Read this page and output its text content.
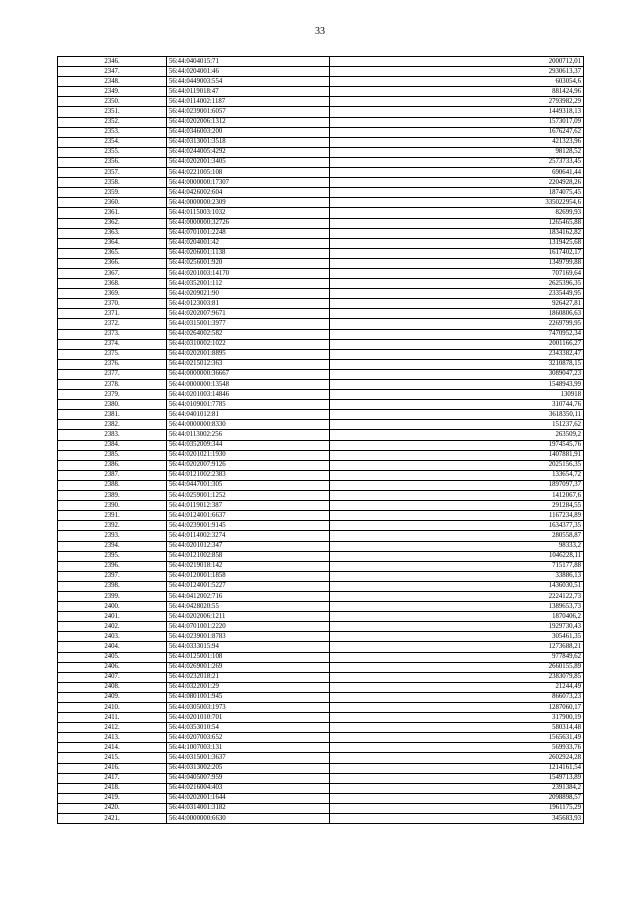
33
2346.	56:44:0404015:71	2000712,01
2347.	56:44:0204001:46	2930613,37
2348.	56:44:0449003:554	603054,6
2349.	56:44:0119018:47	881424,96
2350.	56:44:0114002:1187	2793982,29
2351.	56:44:0239001:6057	1449318,13
2352.	56:44:0202006:1312	1573017,09
2353.	56:44:0346003:200	1676247,62
2354.	56:44:0313001:3518	421323,96
2355.	56:44:0244005:4292	98128,52
2356.	56:44:0202001:3405	2573733,45
2357.	56:44:0221005:108	690641,44
2358.	56:44:0000000:17307	2204928,26
2359.	56:44:0426002:604	1874075,45
2360.	56:44:0000000:2309	335022954,6
2361.	56:44:0115003:1032	82699,93
2362.	56:44:0000000:32726	1265465,88
2363.	56:44:0701001:2248	1834162,82
2364.	56:44:0204001:42	1319425,68
2365.	56:44:0206001:1138	1617402,17
2366.	56:44:0256001:920	1349799,88
2367.	56:44:0201003:14170	707169,64
2368.	56:44:0352001:112	2625396,35
2369.	56:44:0209021:90	2335449,95
2370.	56:44:0123003:81	926427,81
2371.	56:44:0202007:9671	1860806,63
2372.	56:44:0315001:3977	2269799,95
2373.	56:44:0264002:582	7470952,34
2374.	56:44:0310002:1022	2001166,27
2375.	56:44:0202001:8895	2343382,47
2376.	56:44:0215012:363	3210878,15
2377.	56:44:0000000:36667	3089047,23
2378.	56:44:0000000:13548	1548943,99
2379.	56:44:0201003:14846	130918
2380.	56:44:0109001:7785	310744,76
2381.	56:44:0401012:81	3618350,11
2382.	56:44:0000000:8330	151237,62
2383.	56:44:0113002:256	263509,2
2384.	56:44:0352009:344	1974545,76
2385.	56:44:0201021:1930	1407881,91
2386.	56:44:0202007:9126	2025156,35
2387.	56:44:0121002:2383	133654,72
2388.	56:44:0447001:305	1897097,37
2389.	56:44:0259001:1252	1412067,6
2390.	56:44:0119012:387	291284,55
2391.	56:44:0124001:6637	1167234,89
2392.	56:44:0239001:9145	1634377,35
2393.	56:44:0114002:3274	280558,87
2394.	56:44:0201012:347	98333,2
2395.	56:44:0121002:858	1046228,11
2396.	56:44:0219018:142	715177,88
2397.	56:44:0120001:1858	33886,13
2398.	56:44:0124001:5227	1436030,51
2399.	56:44:0412002:716	2224122,73
2400.	56:44:0428020:55	1389653,73
2401.	56:44:0202006:1211	1870406,2
2402.	56:44:0701001:2220	1929730,43
2403.	56:44:0239001:8783	305461,35
2404.	56:44:0333015:94	1273688,21
2405.	56:44:0125001:108	977849,62
2406.	56:44:0269001:269	2660155,89
2407.	56:44:0232018:21	2383079,85
2408.	56:44:0322001:29	21244,49
2409.	56:44:0801001:945	866073,23
2410.	56:44:0305003:1973	1287060,17
2411.	56:44:0201010:701	317900,19
2412.	56:44:0353010:54	580314,48
2413.	56:44:0207003:652	1565631,49
2414.	56:44:1007003:131	569933,76
2415.	56:44:0315001:3637	2602924,28
2416.	56:44:0313002:205	1214161,54
2417.	56:44:0405007:959	1549713,89
2418.	56:44:0216004:403	2391384,2
2419.	56:44:0202001:1644	2098898,57
2420.	56:44:0314001:3182	1961175,29
2421.	56:44:0000000:6630	345683,93
